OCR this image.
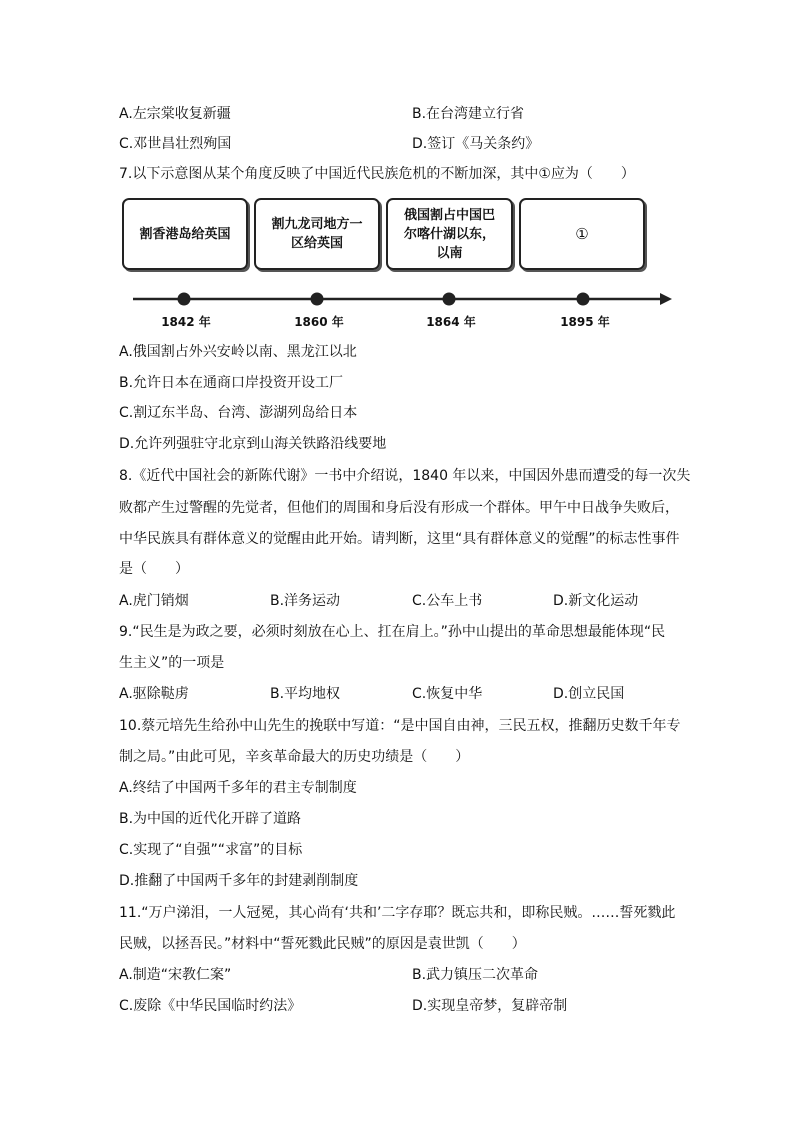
A.左宗棠收复新疆	B.在台湾建立行省
C.邓世昌壮烈殉国	D.签订《马关条约》
7.以下示意图从某个角度反映了中国近代民族危机的不断加深，其中①应为（　　）
割香港岛给英国
割九龙司地方一
区给英国
俄国割占中国巴
尔喀什湖以东，
以南
①
1842 年	1860 年	1864 年	1895 年
A.俄国割占外兴安岭以南、黑龙江以北
B.允许日本在通商口岸投资开设工厂
C.割辽东半岛、台湾、澎湖列岛给日本
D.允许列强驻守北京到山海关铁路沿线要地
8.《近代中国社会的新陈代谢》一书中介绍说，1840 年以来，中国因外患而遭受的每一次失
败都产生过警醒的先觉者，但他们的周围和身后没有形成一个群体。甲午中日战争失败后，
中华民族具有群体意义的觉醒由此开始。请判断，这里“具有群体意义的觉醒”的标志性事件
是（　　）
A.虎门销烟	B.洋务运动	C.公车上书	D.新文化运动
9.“民生是为政之要，必须时刻放在心上、扛在肩上。”孙中山提出的革命思想最能体现“民
生主义”的一项是
A.驱除鞑虏	B.平均地权	C.恢复中华	D.创立民国
10.蔡元培先生给孙中山先生的挽联中写道：“是中国自由神，三民五权，推翻历史数千年专
制之局。”由此可见，辛亥革命最大的历史功绩是（　　）
A.终结了中国两千多年的君主专制制度
B.为中国的近代化开辟了道路
C.实现了“自强”“求富”的目标
D.推翻了中国两千多年的封建剥削制度
11.“万户涕泪，一人冠冕，其心尚有‘共和’二字存耶？既忘共和，即称民贼。……誓死戮此
民贼，以拯吾民。”材料中“誓死戮此民贼”的原因是袁世凯（　　）
A.制造“宋教仁案”	B.武力镇压二次革命
C.废除《中华民国临时约法》	D.实现皇帝梦，复辟帝制
